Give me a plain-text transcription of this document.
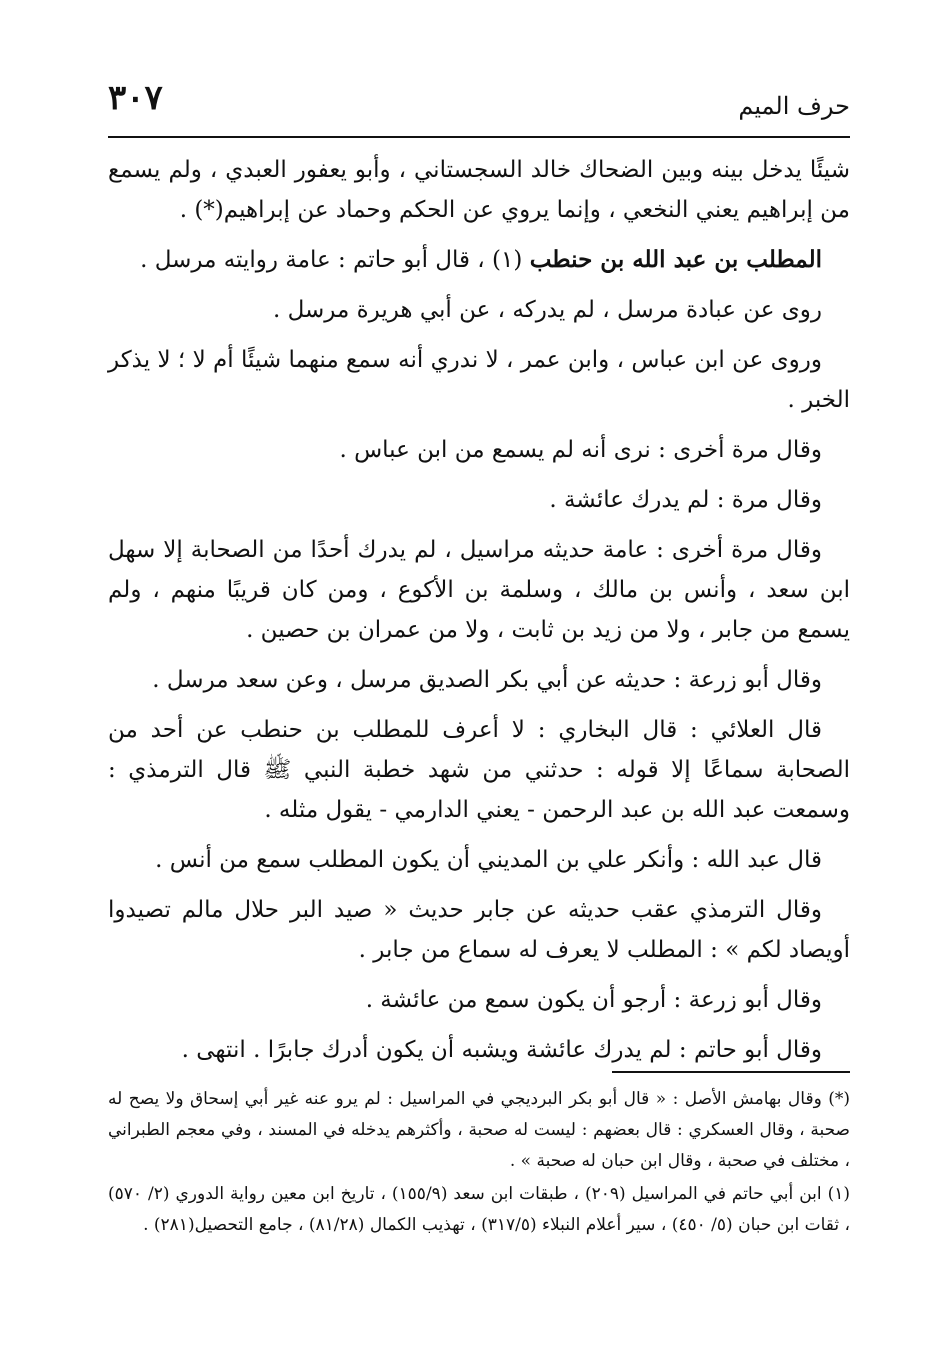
٣٠٧	حرف الميم

شيئًا يدخل بينه وبين الضحاك خالد السجستاني ، وأبو يعفور العبدي ، ولم يسمع من إبراهيم يعني النخعي ، وإنما يروي عن الحكم وحماد عن إبراهيم(*) .

المطلب بن عبد الله بن حنطب (١) ، قال أبو حاتم : عامة روايته مرسل .

روى عن عبادة مرسل ، لم يدركه ، عن أبي هريرة مرسل .

وروى عن ابن عباس ، وابن عمر ، لا ندري أنه سمع منهما شيئًا أم لا ؛ لا يذكر الخبر .

وقال مرة أخرى : نرى أنه لم يسمع من ابن عباس .

وقال مرة : لم يدرك عائشة .

وقال مرة أخرى : عامة حديثه مراسيل ، لم يدرك أحدًا من الصحابة إلا سهل ابن سعد ، وأنس بن مالك ، وسلمة بن الأكوع ، ومن كان قريبًا منهم ، ولم يسمع من جابر ، ولا من زيد بن ثابت ، ولا من عمران بن حصين .

وقال أبو زرعة : حديثه عن أبي بكر الصديق مرسل ، وعن سعد مرسل .

قال العلائي : قال البخاري : لا أعرف للمطلب بن حنطب عن أحد من الصحابة سماعًا إلا قوله : حدثني من شهد خطبة النبي ﷺ قال الترمذي : وسمعت عبد الله بن عبد الرحمن - يعني الدارمي - يقول مثله .

قال عبد الله : وأنكر علي بن المديني أن يكون المطلب سمع من أنس .

وقال الترمذي عقب حديثه عن جابر حديث « صيد البر حلال مالم تصيدوا أويصاد لكم » : المطلب لا يعرف له سماع من جابر .

وقال أبو زرعة : أرجو أن يكون سمع من عائشة .

وقال أبو حاتم : لم يدرك عائشة ويشبه أن يكون أدرك جابرًا . انتهى .

(*) وقال بهامش الأصل : « قال أبو بكر البرديجي في المراسيل : لم يرو عنه غير أبي إسحاق ولا يصح له صحبة ، وقال العسكري : قال بعضهم : ليست له صحبة ، وأكثرهم يدخله في المسند ، وفي معجم الطبراني ، مختلف في صحبة ، وقال ابن حبان له صحبة » .

(١) ابن أبي حاتم في المراسيل (٢٠٩) ، طبقات ابن سعد (١٥٥/٩) ، تاريخ ابن معين رواية الدوري (٢/ ٥٧٠) ، ثقات ابن حبان (٥/ ٤٥٠) ، سير أعلام النبلاء (٣١٧/٥) ، تهذيب الكمال (٨١/٢٨) ، جامع التحصيل(٢٨١) .
